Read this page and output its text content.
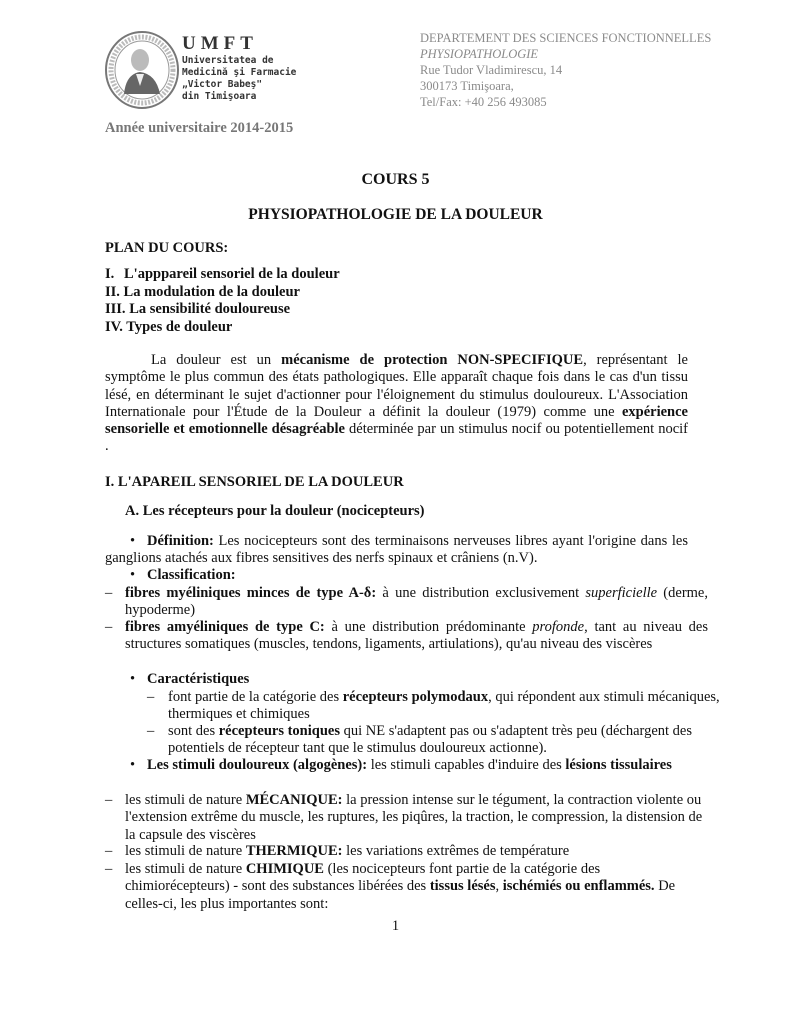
UMFT
Universitatea de
Medicină şi Farmacie
„Victor Babeş"
din Timişoara
DEPARTEMENT DES SCIENCES FONCTIONNELLES
PHYSIOPATHOLOGIE
Rue Tudor Vladimirescu, 14
300173 Timişoara,
Tel/Fax: +40 256 493085
Année universitaire 2014-2015
COURS 5
PHYSIOPATHOLOGIE DE LA DOULEUR
PLAN DU COURS:
I. L'apppareil sensoriel de la douleur
II. La modulation de la douleur
III. La sensibilité douloureuse
IV. Types de douleur
La douleur est un mécanisme de protection NON-SPECIFIQUE, représentant le symptôme le plus commun des états pathologiques. Elle apparaît chaque fois dans le cas d'un tissu lésé, en déterminant le sujet d'actionner pour l'éloignement du stimulus douloureux. L'Association Internationale pour l'Étude de la Douleur a définit la douleur (1979) comme une expérience sensorielle et emotionnelle désagréable déterminée par un stimulus nocif ou potentiellement nocif .
I. L'APAREIL SENSORIEL DE LA DOULEUR
A. Les récepteurs pour la douleur (nocicepteurs)
• Définition: Les nocicepteurs sont des terminaisons nerveuses libres ayant l'origine dans les ganglions atachés aux fibres sensitives des nerfs spinaux et crâniens (n.V).
• Classification:
– fibres myéliniques minces de type A-δ: à une distribution exclusivement superficielle (derme, hypoderme)
– fibres amyéliniques de type C: à une distribution prédominante profonde, tant au niveau des structures somatiques (muscles, tendons, ligaments, artiulations), qu'au niveau des viscères
• Caractéristiques
– font partie de la catégorie des récepteurs polymodaux, qui répondent aux stimuli mécaniques, thermiques et chimiques
– sont des récepteurs toniques qui NE s'adaptent pas ou s'adaptent très peu (déchargent des potentiels de récepteur tant que le stimulus douloureux actionne).
• Les stimuli douloureux (algogènes): les stimuli capables d'induire des lésions tissulaires
– les stimuli de nature MÉCANIQUE: la pression intense sur le tégument, la contraction violente ou l'extension extrême du muscle, les ruptures, les piqûres, la traction, le compression, la distension de la capsule des viscères
– les stimuli de nature THERMIQUE: les variations extrêmes de température
– les stimuli de nature CHIMIQUE (les nocicepteurs font partie de la catégorie des chimiorécepteurs) - sont des substances libérées des tissus lésés, ischémiés ou enflammés. De celles-ci, les plus importantes sont:
1
